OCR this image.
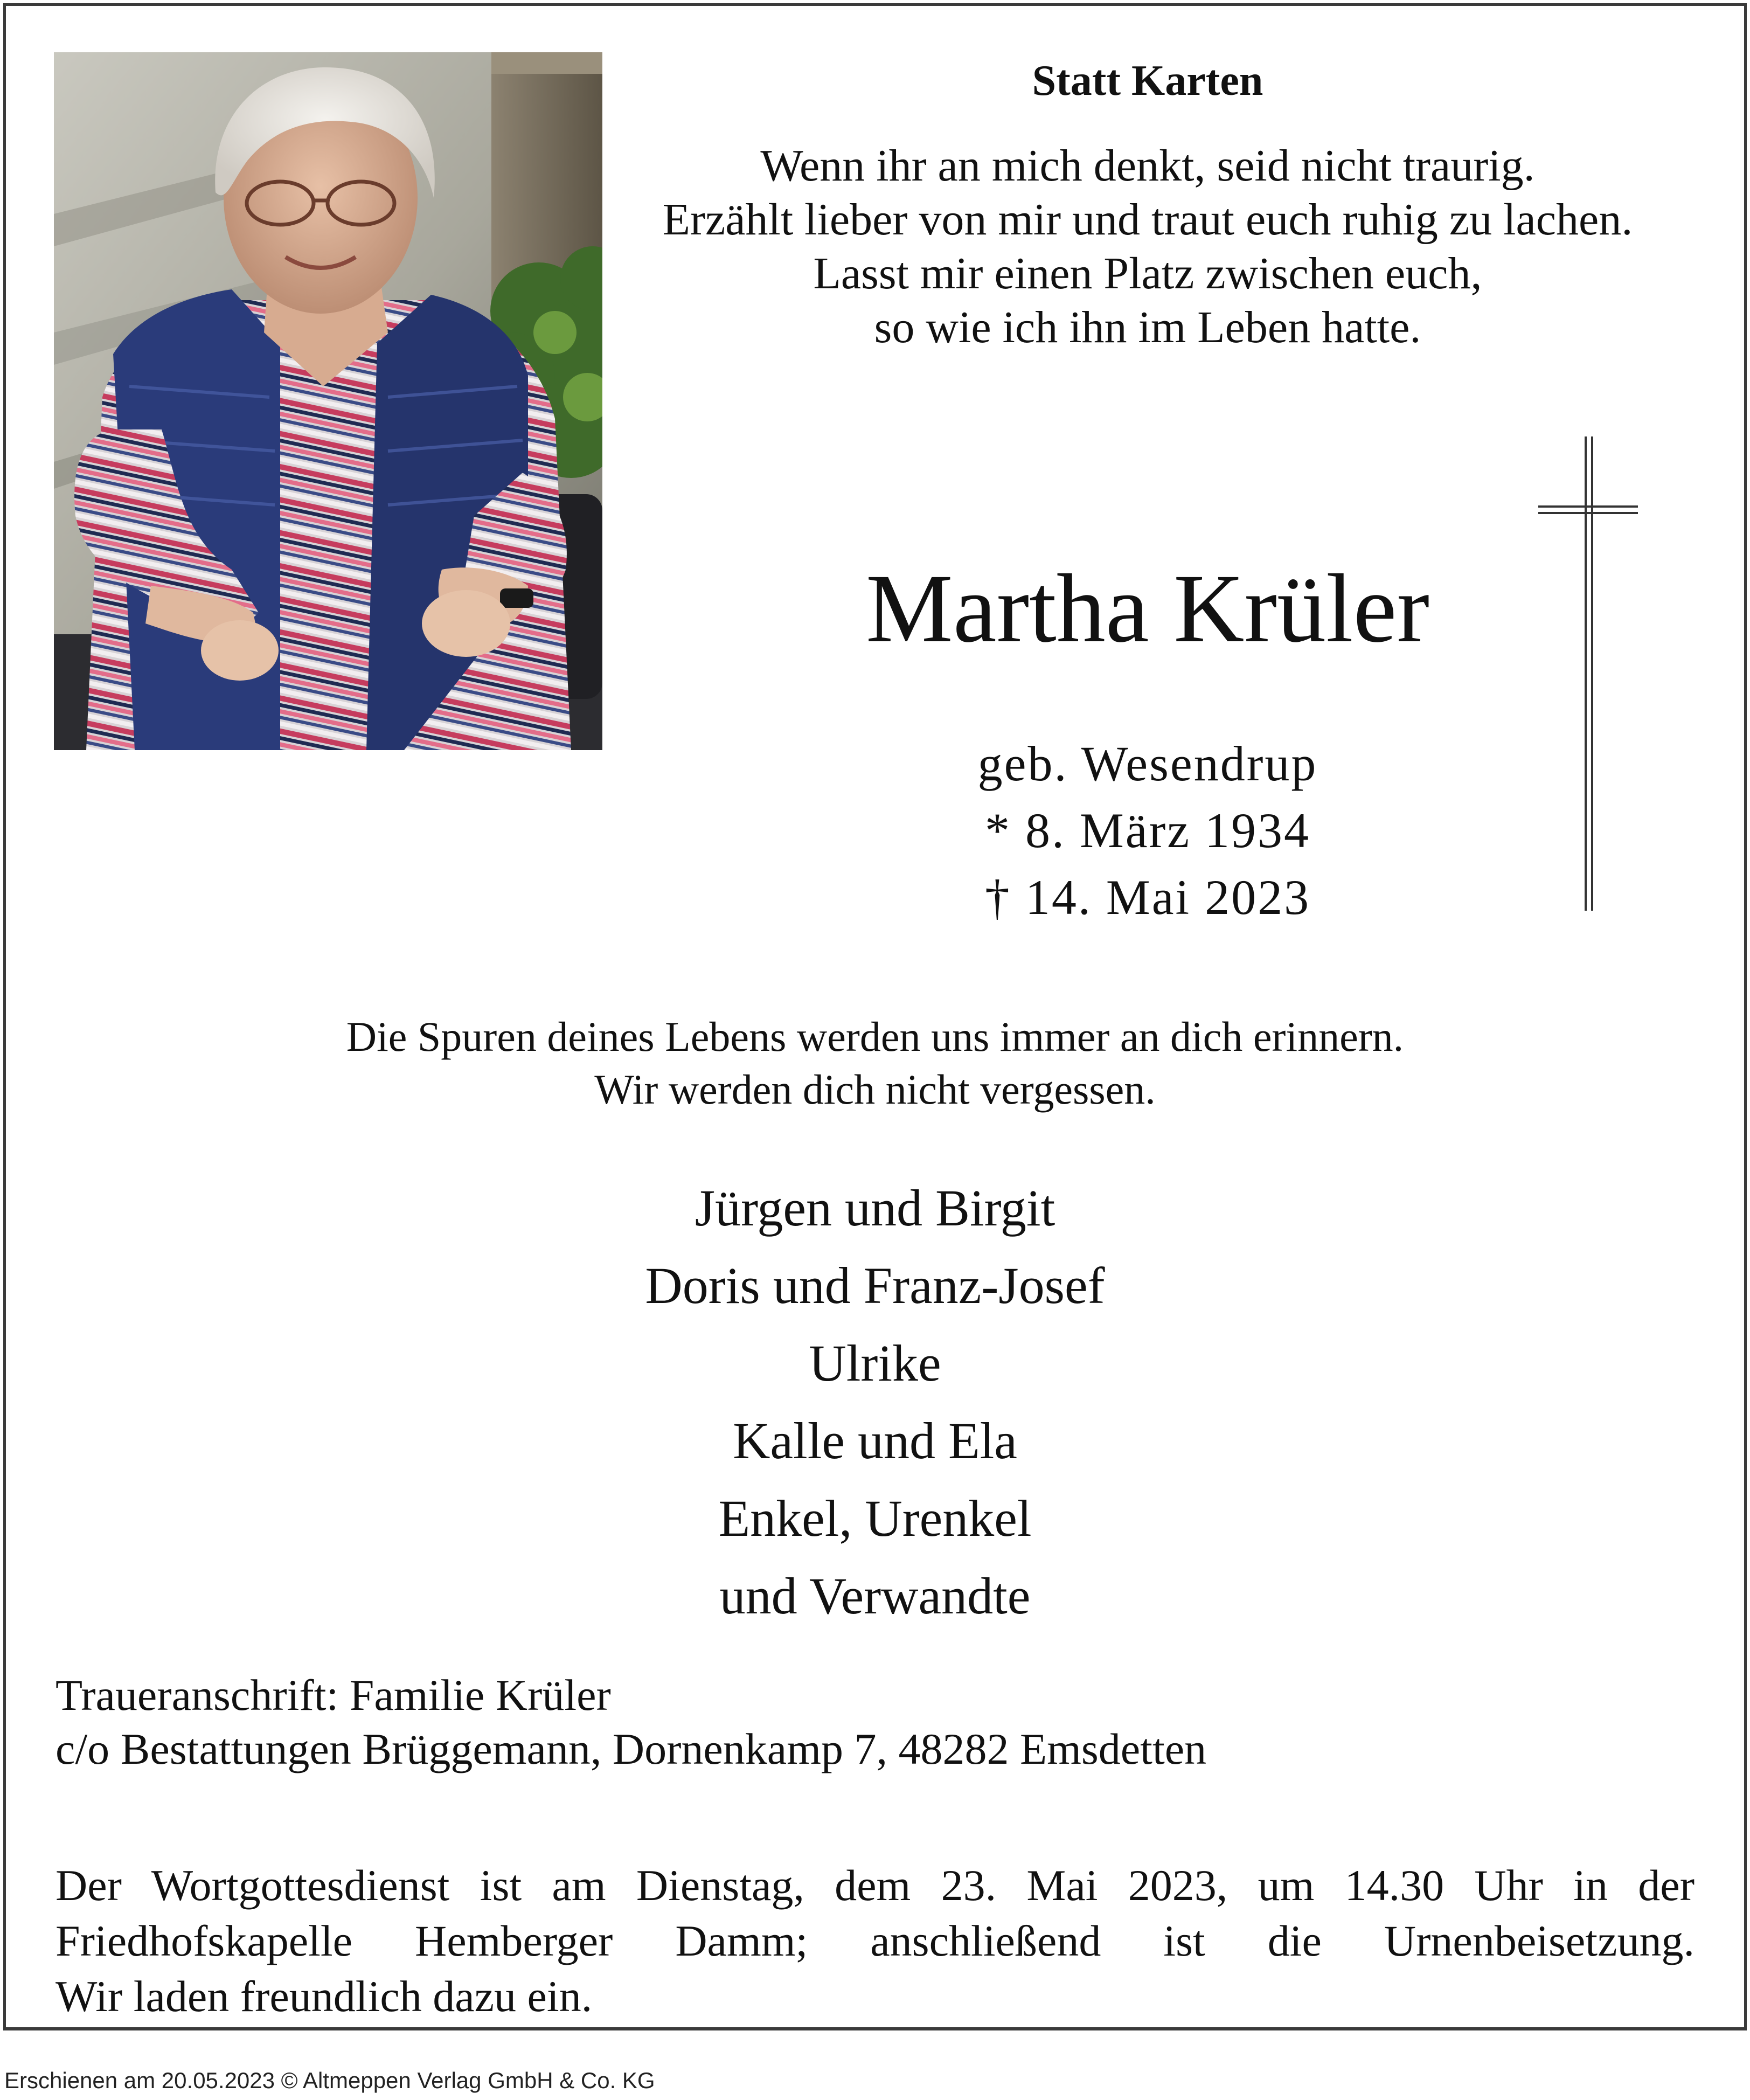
Statt Karten
Wenn ihr an mich denkt, seid nicht traurig.
Erzählt lieber von mir und traut euch ruhig zu lachen.
Lasst mir einen Platz zwischen euch,
so wie ich ihn im Leben hatte.
Martha Krüler
geb. Wesendrup
* 8. März 1934
† 14. Mai 2023
Die Spuren deines Lebens werden uns immer an dich erinnern.
Wir werden dich nicht vergessen.
Jürgen und Birgit
Doris und Franz-Josef
Ulrike
Kalle und Ela
Enkel, Urenkel
und Verwandte
Traueranschrift: Familie Krüler
c/o Bestattungen Brüggemann, Dornenkamp 7, 48282 Emsdetten
Der Wortgottesdienst ist am Dienstag, dem 23. Mai 2023, um 14.30 Uhr in der
Friedhofskapelle Hemberger Damm; anschließend ist die Urnenbeisetzung.
Wir laden freundlich dazu ein.
Erschienen am 20.05.2023 © Altmeppen Verlag GmbH & Co. KG
